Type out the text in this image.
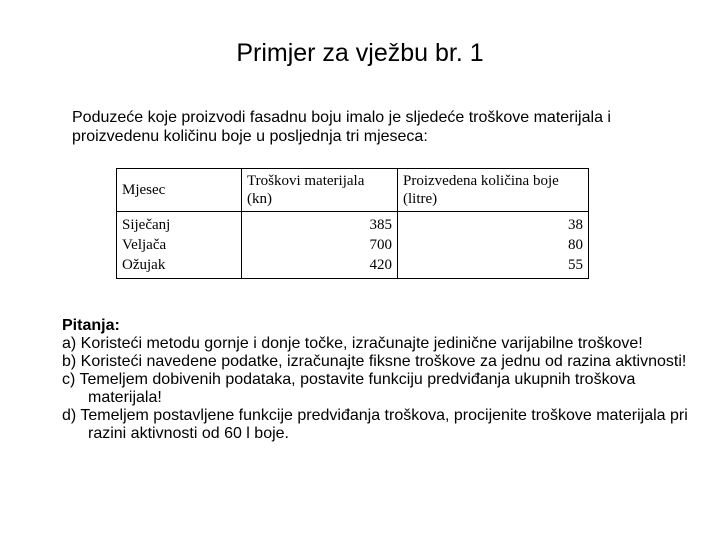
Primjer za vježbu br. 1

Poduzeće koje proizvodi fasadnu boju imalo je sljedeće troškove materijala i proizvedenu količinu boje u posljednja tri mjeseca:

Mjesec	Troškovi materijala (kn)	Proizvedena količina boje (litre)
Siječanj	385	38
Veljača	700	80
Ožujak	420	55

Pitanja:

a) Koristeći metodu gornje i donje točke, izračunajte jedinične varijabilne troškove!

b) Koristeći navedene podatke, izračunajte fiksne troškove za jednu od razina aktivnosti!

c) Temeljem dobivenih podataka, postavite funkciju predviđanja ukupnih troškova materijala!

d) Temeljem postavljene funkcije predviđanja troškova, procijenite troškove materijala pri razini aktivnosti od 60 l boje.
